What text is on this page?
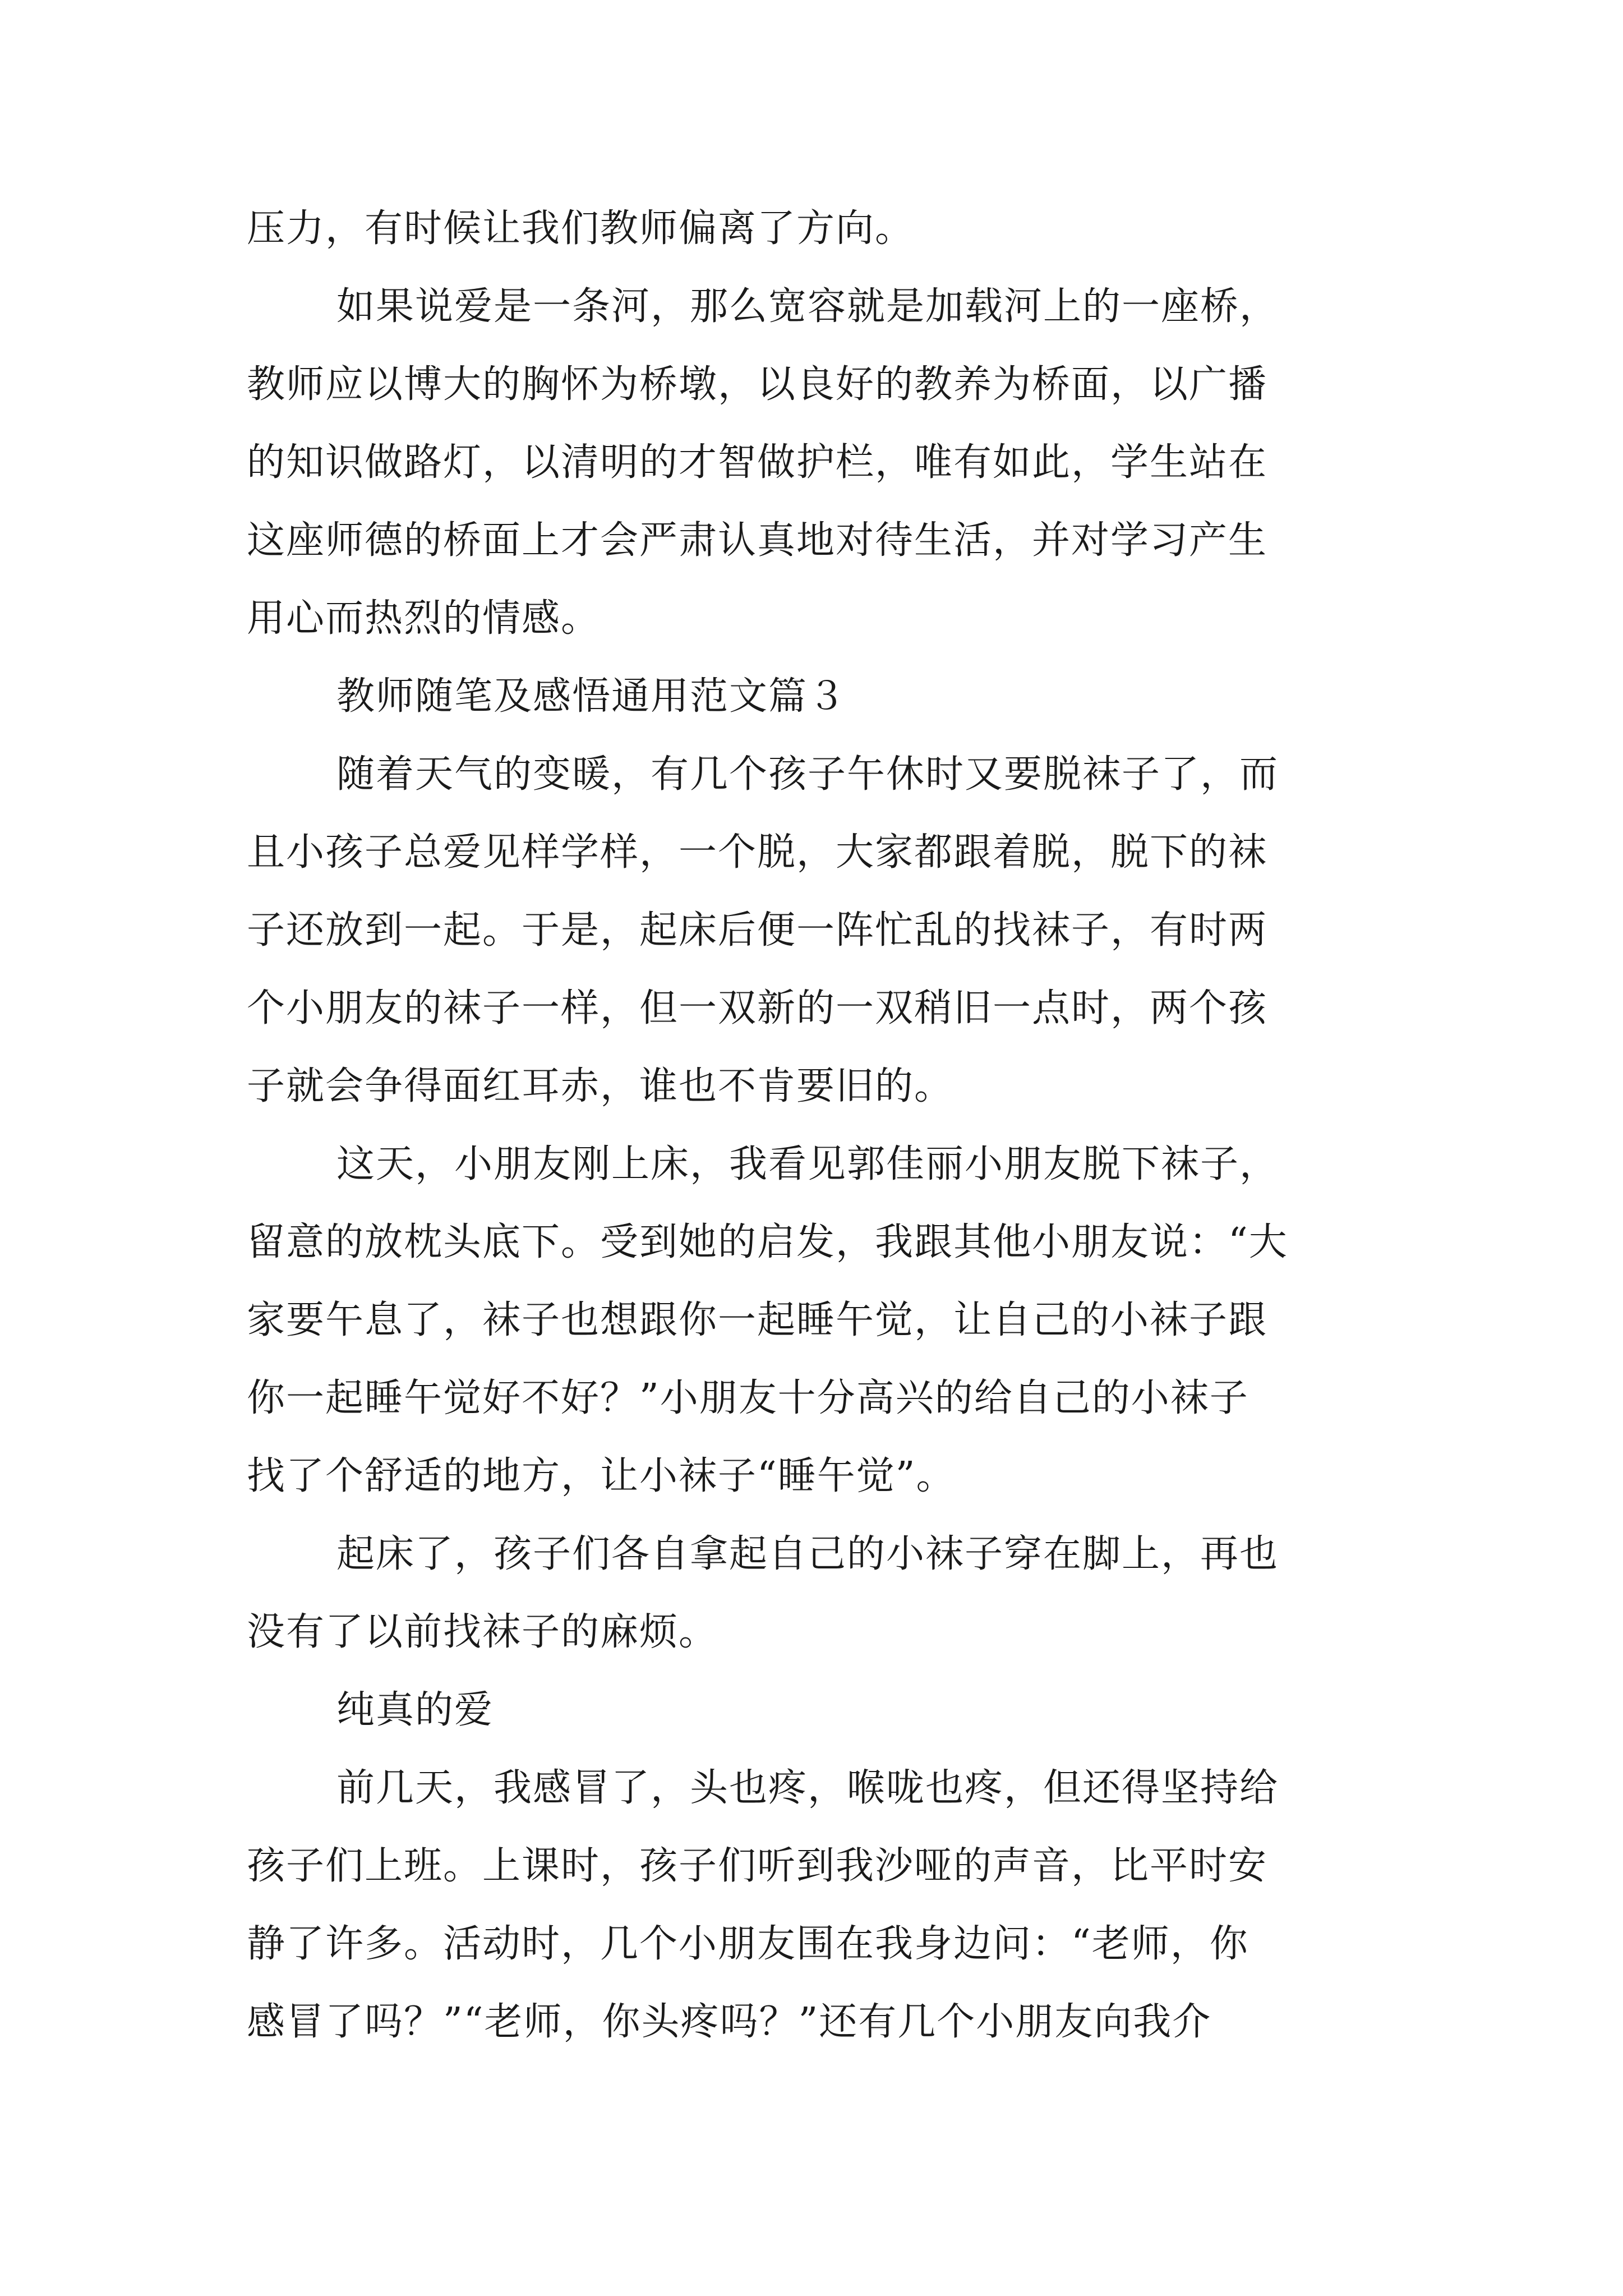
压力，有时候让我们教师偏离了方向。
如果说爱是一条河，那么宽容就是加载河上的一座桥，
教师应以博大的胸怀为桥墩，以良好的教养为桥面，以广播
的知识做路灯，以清明的才智做护栏，唯有如此，学生站在
这座师德的桥面上才会严肃认真地对待生活，并对学习产生
用心而热烈的情感。
教师随笔及感悟通用范文篇３
随着天气的变暖，有几个孩子午休时又要脱袜子了，而
且小孩子总爱见样学样，一个脱，大家都跟着脱，脱下的袜
子还放到一起。于是，起床后便一阵忙乱的找袜子，有时两
个小朋友的袜子一样，但一双新的一双稍旧一点时，两个孩
子就会争得面红耳赤，谁也不肯要旧的。
这天，小朋友刚上床，我看见郭佳丽小朋友脱下袜子，
留意的放枕头底下。受到她的启发，我跟其他小朋友说：“大
家要午息了，袜子也想跟你一起睡午觉，让自己的小袜子跟
你一起睡午觉好不好？”小朋友十分高兴的给自己的小袜子
找了个舒适的地方，让小袜子“睡午觉”。
起床了，孩子们各自拿起自己的小袜子穿在脚上，再也
没有了以前找袜子的麻烦。
纯真的爱
前几天，我感冒了，头也疼，喉咙也疼，但还得坚持给
孩子们上班。上课时，孩子们听到我沙哑的声音，比平时安
静了许多。活动时，几个小朋友围在我身边问：“老师，你
感冒了吗？”“老师，你头疼吗？”还有几个小朋友向我介
